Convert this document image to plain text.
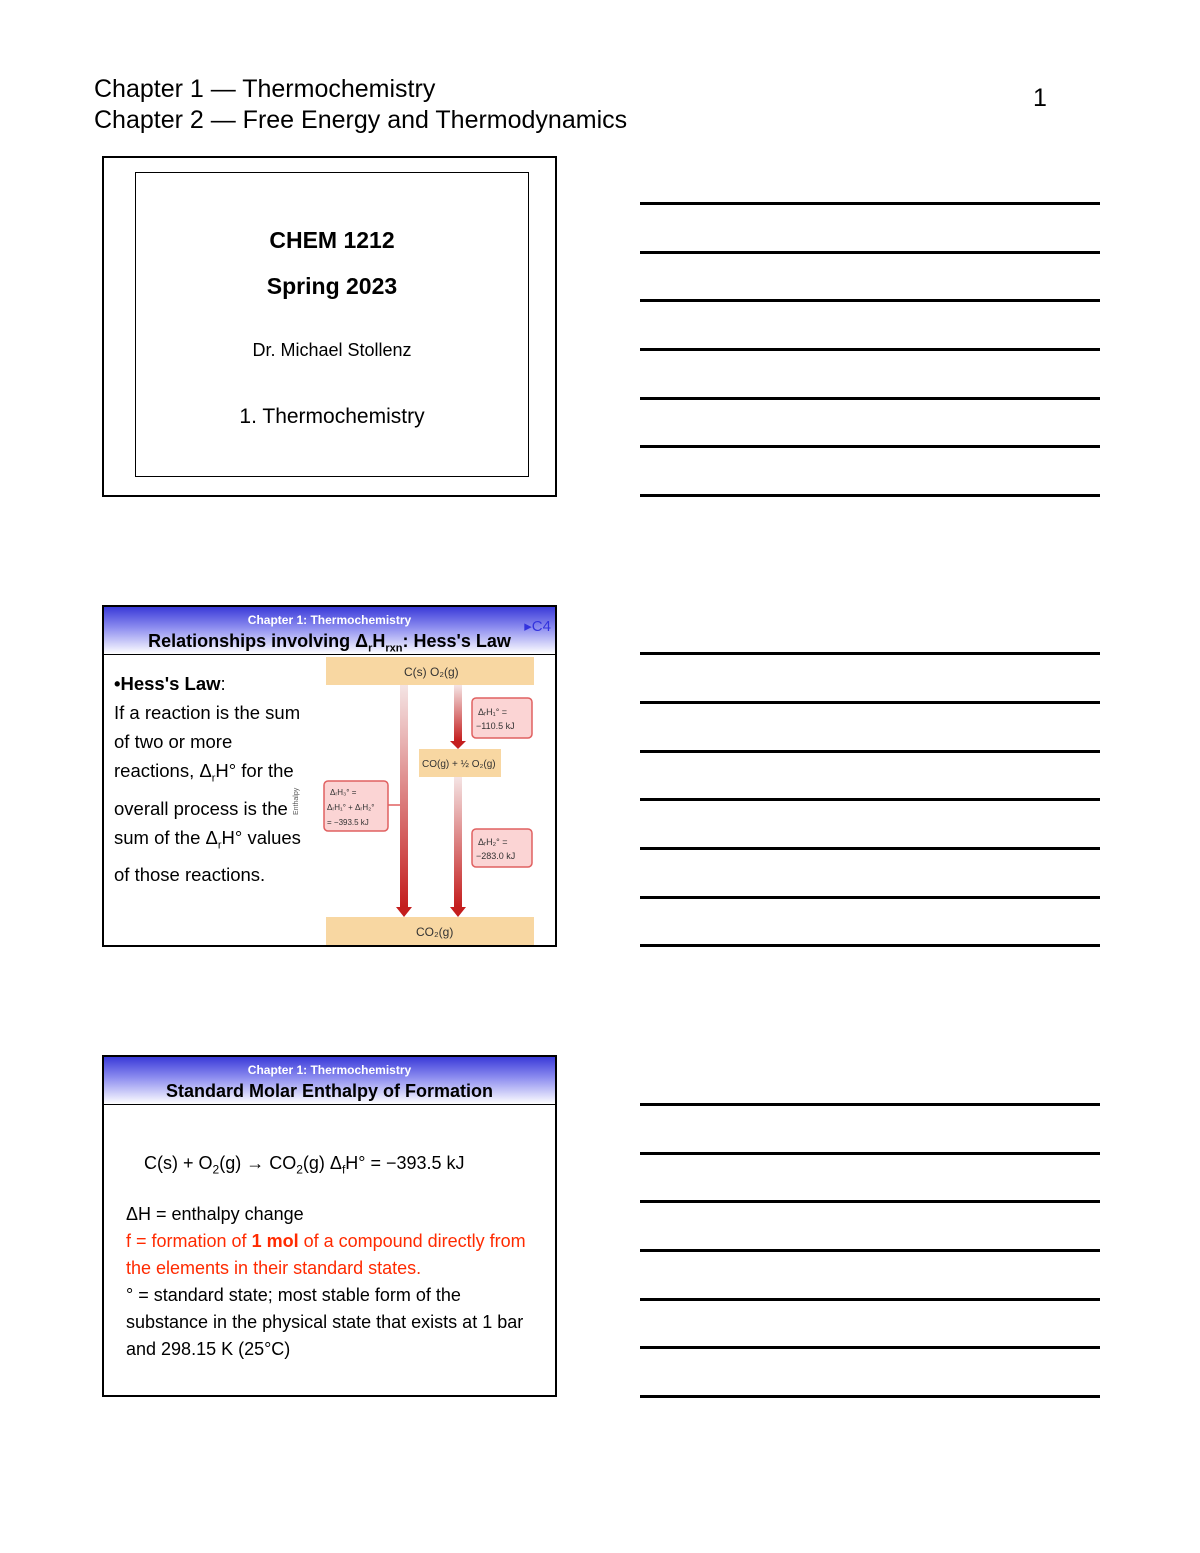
Chapter 1 — Thermochemistry
Chapter 2 — Free Energy and Thermodynamics
1
CHEM 1212
Spring 2023
Dr. Michael Stollenz
1. Thermochemistry
Chapter 1: Thermochemistry
Relationships involving $\Delta_rH_{rxn}$: Hess's Law
▸C4
•Hess's Law:
If a reaction is the sum of two or more reactions, $\Delta_rH^\circ$ for the overall process is the sum of the $\Delta_rH^\circ$ values of those reactions.
C(s) O₂(g)
CO(g) + ½ O₂(g)
CO₂(g)
Enthalpy
ΔᵣH₁° =
−110.5 kJ
ΔᵣH₃° =
ΔᵣH₁° + ΔᵣH₂°
= −393.5 kJ
ΔᵣH₂° =
−283.0 kJ
Chapter 1: Thermochemistry
Standard Molar Enthalpy of Formation
$C(s) + O_2(g) \to CO_2(g) \Delta_fH^\circ = -393.5$ kJ
ΔH = enthalpy change
f = formation of 1 mol of a compound directly from the elements in their standard states.
° = standard state; most stable form of the substance in the physical state that exists at 1 bar and 298.15 K (25°C)
